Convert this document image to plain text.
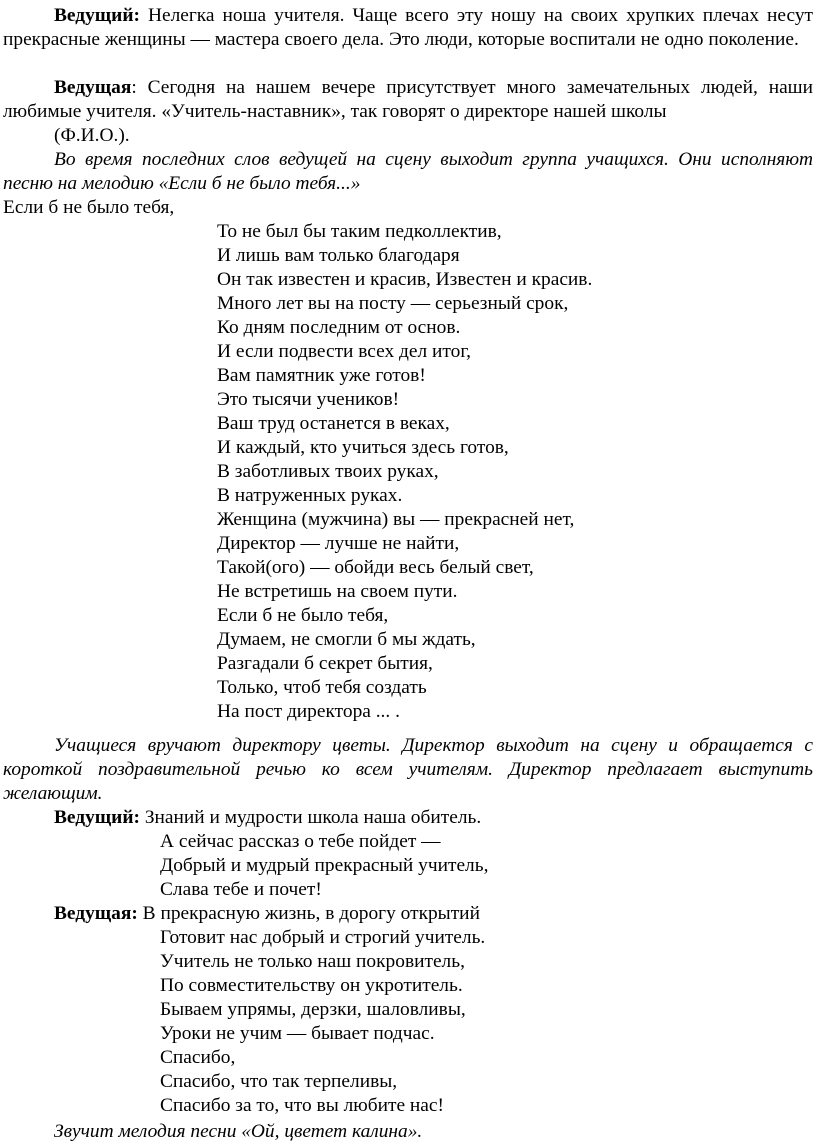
Ведущий: Нелегка ноша учителя. Чаще всего эту ношу на своих хрупких плечах несут прекрасные женщины — мастера своего дела. Это люди, которые воспитали не одно поколение.

Ведущая: Сегодня на нашем вечере присутствует много замечательных людей, наши любимые учителя. «Учитель-наставник», так говорят о директоре нашей школы

(Ф.И.О.).

Во время последних слов ведущей на сцену выходит группа учащихся. Они исполняют песню на мелодию «Если б не было тебя...»

Если б не было тебя,

То не был бы таким педколлектив,

И лишь вам только благодаря

Он так известен и красив, Известен и красив.

Много лет вы на посту — серьезный срок,

Ко дням последним от основ.

И если подвести всех дел итог,

Вам памятник уже готов!

Это тысячи учеников!

Ваш труд останется в веках,

И каждый, кто учиться здесь готов,

В заботливых твоих руках,

В натруженных руках.

Женщина (мужчина) вы — прекрасней нет,

Директор — лучше не найти,

Такой(ого) — обойди весь белый свет,

Не встретишь на своем пути.

Если б не было тебя,

Думаем, не смогли б мы ждать,

Разгадали б секрет бытия,

Только, чтоб тебя создать

На пост директора ... .

Учащиеся вручают директору цветы. Директор выходит на сцену и обращается с короткой поздравительной речью ко всем учителям. Директор предлагает выступить желающим.

Ведущий: Знаний и мудрости школа наша обитель.

А сейчас рассказ о тебе пойдет —

Добрый и мудрый прекрасный учитель,

Слава тебе и почет!

Ведущая: В прекрасную жизнь, в дорогу открытий

Готовит нас добрый и строгий учитель.

Учитель не только наш покровитель,

По совместительству он укротитель.

Бываем упрямы, дерзки, шаловливы,

Уроки не учим — бывает подчас.

Спасибо,

Спасибо, что так терпеливы,

Спасибо за то, что вы любите нас!

Звучит мелодия песни «Ой, цветет калина».
